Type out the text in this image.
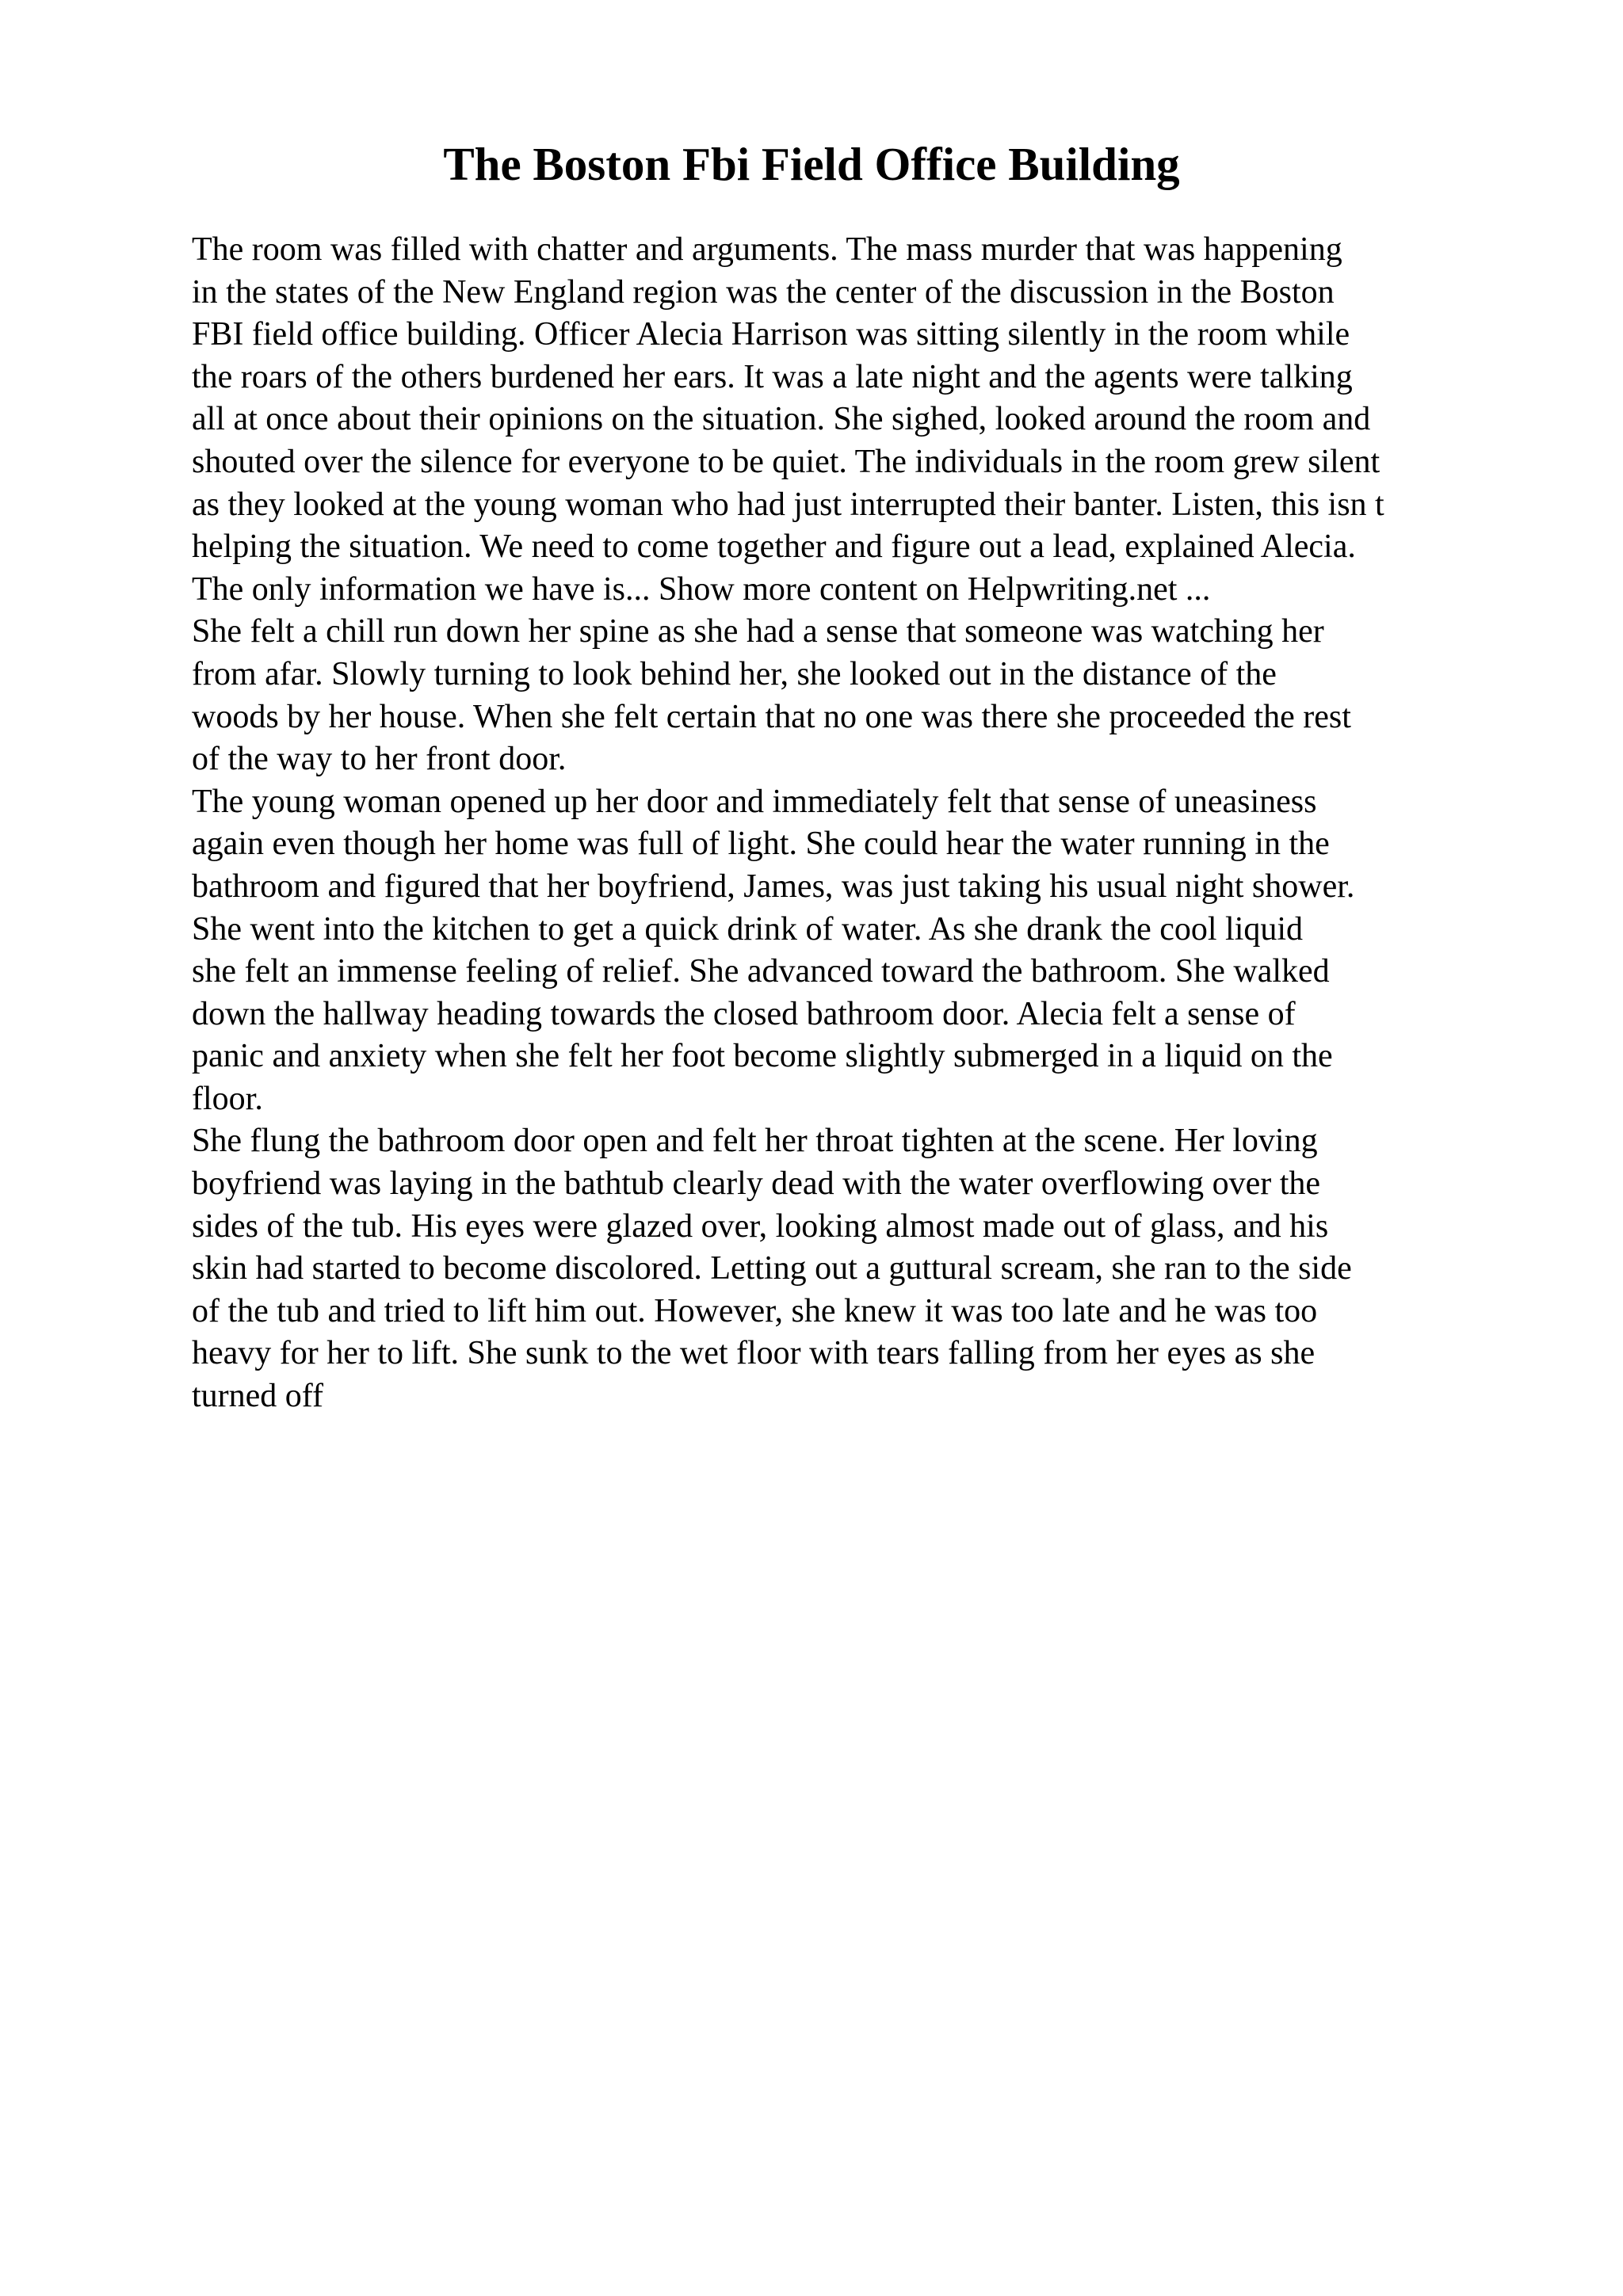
The Boston Fbi Field Office Building
The room was filled with chatter and arguments. The mass murder that was happening
in the states of the New England region was the center of the discussion in the Boston
FBI field office building. Officer Alecia Harrison was sitting silently in the room while
the roars of the others burdened her ears. It was a late night and the agents were talking
all at once about their opinions on the situation. She sighed, looked around the room and
shouted over the silence for everyone to be quiet. The individuals in the room grew silent
as they looked at the young woman who had just interrupted their banter. Listen, this isn t
helping the situation. We need to come together and figure out a lead, explained Alecia.
The only information we have is... Show more content on Helpwriting.net ...
She felt a chill run down her spine as she had a sense that someone was watching her
from afar. Slowly turning to look behind her, she looked out in the distance of the
woods by her house. When she felt certain that no one was there she proceeded the rest
of the way to her front door.
The young woman opened up her door and immediately felt that sense of uneasiness
again even though her home was full of light. She could hear the water running in the
bathroom and figured that her boyfriend, James, was just taking his usual night shower.
She went into the kitchen to get a quick drink of water. As she drank the cool liquid
she felt an immense feeling of relief. She advanced toward the bathroom. She walked
down the hallway heading towards the closed bathroom door. Alecia felt a sense of
panic and anxiety when she felt her foot become slightly submerged in a liquid on the
floor.
She flung the bathroom door open and felt her throat tighten at the scene. Her loving
boyfriend was laying in the bathtub clearly dead with the water overflowing over the
sides of the tub. His eyes were glazed over, looking almost made out of glass, and his
skin had started to become discolored. Letting out a guttural scream, she ran to the side
of the tub and tried to lift him out. However, she knew it was too late and he was too
heavy for her to lift. She sunk to the wet floor with tears falling from her eyes as she
turned off
